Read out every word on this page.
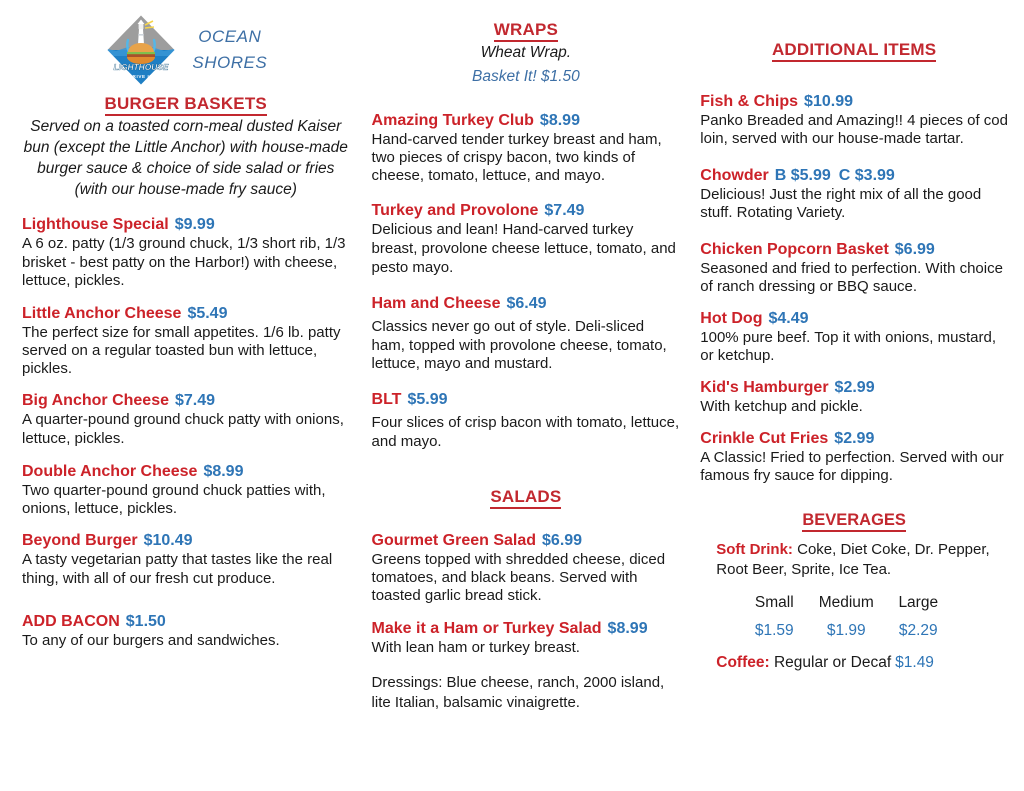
LIGHTHOUSE
~ DRIVE IN ~
OCEAN
SHORES
BURGER BASKETS

Served on a toasted corn-meal dusted Kaiser bun (except the Little Anchor) with house-made burger sauce & choice of side salad or fries (with our house-made fry sauce)

Lighthouse Special $9.99

A 6 oz. patty (1/3 ground chuck, 1/3 short rib, 1/3 brisket - best patty on the Harbor!) with cheese, lettuce, pickles.

Little Anchor Cheese $5.49

The perfect size for small appetites. 1/6 lb. patty served on a regular toasted bun with lettuce, pickles.

Big Anchor Cheese $7.49

A quarter-pound ground chuck patty with onions, lettuce, pickles.

Double Anchor Cheese $8.99

Two quarter-pound ground chuck patties with, onions, lettuce, pickles.

Beyond Burger $10.49

A tasty vegetarian patty that tastes like the real thing, with all of our fresh cut produce.

ADD BACON $1.50

To any of our burgers and sandwiches.

WRAPS

Wheat Wrap.

Basket It! $1.50

Amazing Turkey Club $8.99

Hand-carved tender turkey breast and ham, two pieces of crispy bacon, two kinds of cheese, tomato, lettuce, and mayo.

Turkey and Provolone $7.49

Delicious and lean! Hand-carved turkey breast, provolone cheese lettuce, tomato, and pesto mayo.

Ham and Cheese $6.49

Classics never go out of style. Deli-sliced ham, topped with provolone cheese, tomato, lettuce, mayo and mustard.

BLT $5.99

Four slices of crisp bacon with tomato, lettuce, and mayo.

SALADS

Gourmet Green Salad $6.99

Greens topped with shredded cheese, diced tomatoes, and black beans. Served with toasted garlic bread stick.

Make it a Ham or Turkey Salad $8.99

With lean ham or turkey breast.

Dressings: Blue cheese, ranch, 2000 island, lite Italian, balsamic vinaigrette.

ADDITIONAL ITEMS

Fish & Chips $10.99

Panko Breaded and Amazing!! 4 pieces of cod loin, served with our house-made tartar.

Chowder B $5.99 C $3.99

Delicious! Just the right mix of all the good stuff. Rotating Variety.

Chicken Popcorn Basket $6.99

Seasoned and fried to perfection. With choice of ranch dressing or BBQ sauce.

Hot Dog $4.49

100% pure beef. Top it with onions, mustard, or ketchup.

Kid's Hamburger $2.99

With ketchup and pickle.

Crinkle Cut Fries $2.99

A Classic! Fried to perfection. Served with our famous fry sauce for dipping.

BEVERAGES

Soft Drink: Coke, Diet Coke, Dr. Pepper, Root Beer, Sprite, Ice Tea.

Small	Medium	Large
$1.59	$1.99	$2.29

Coffee: Regular or Decaf $1.49
